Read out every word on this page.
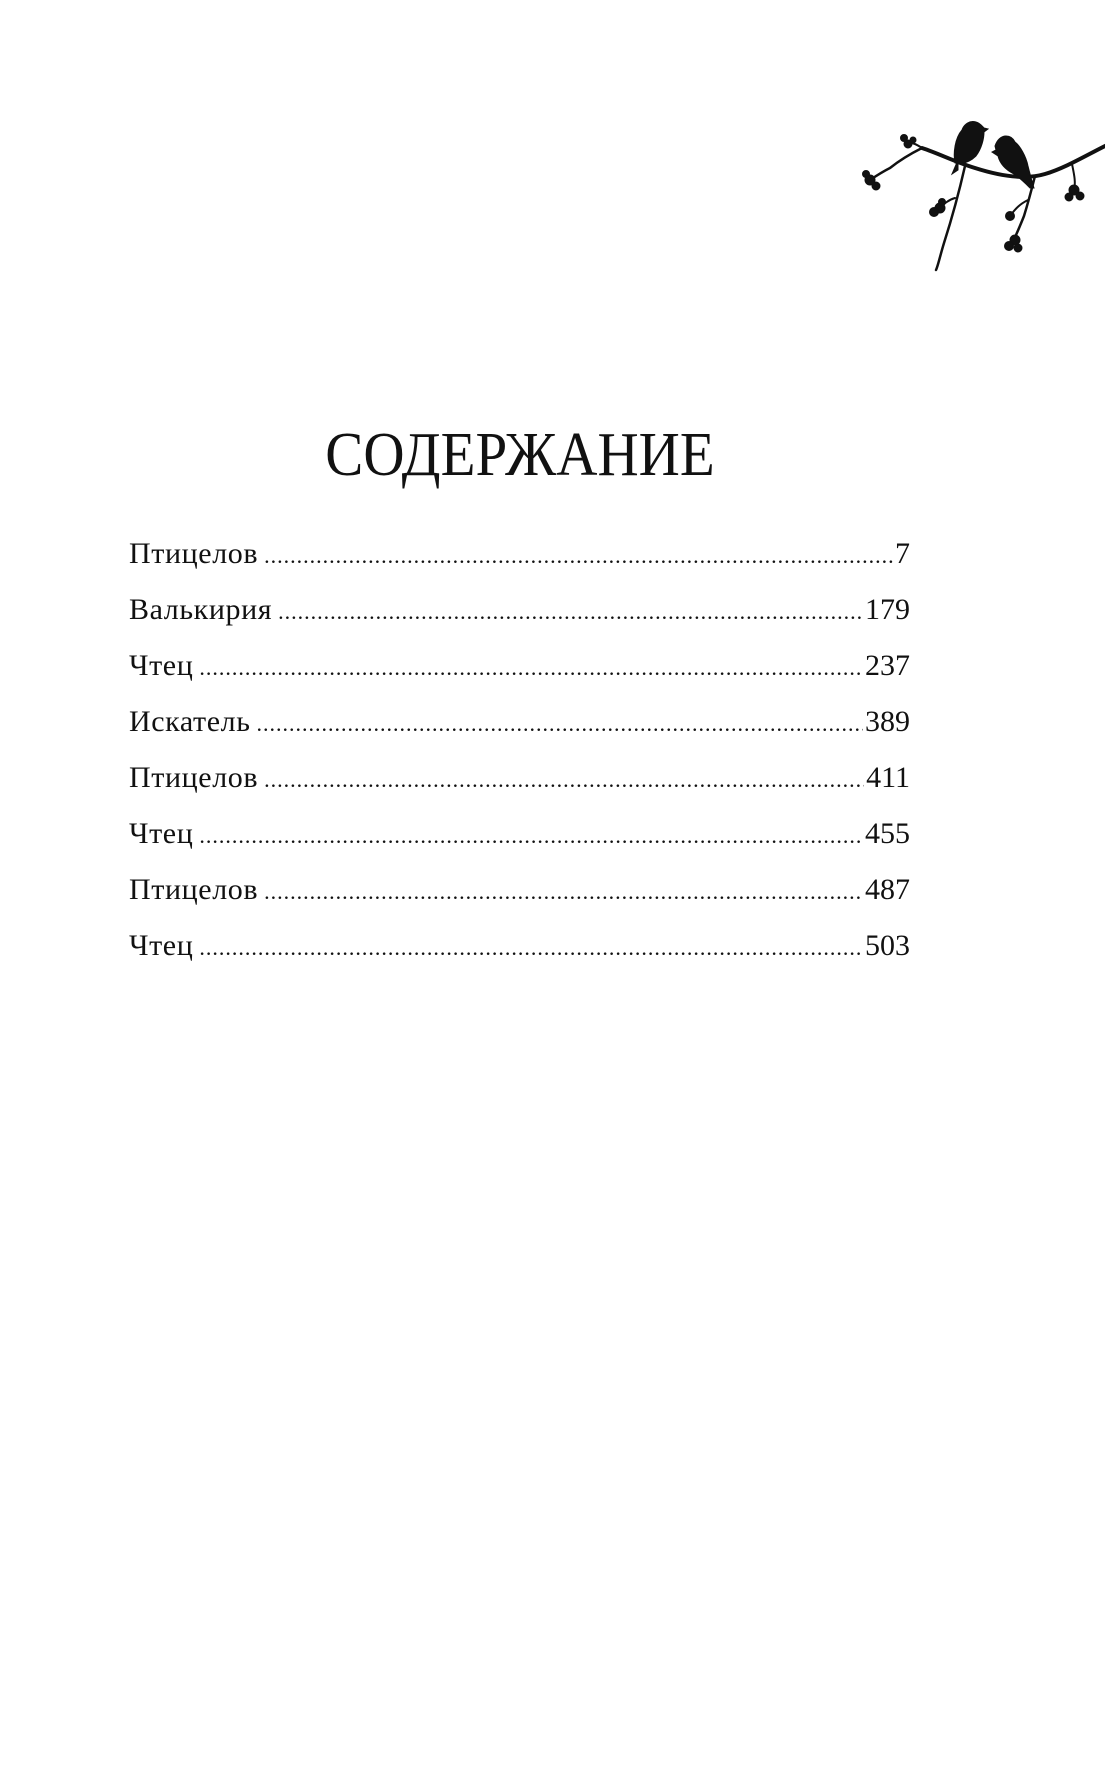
СОДЕРЖАНИЕ
Птицелов .....	7
Валькирия .....	179
Чтец .....	237
Искатель .....	389
Птицелов .....	411
Чтец .....	455
Птицелов .....	487
Чтец .....	503
